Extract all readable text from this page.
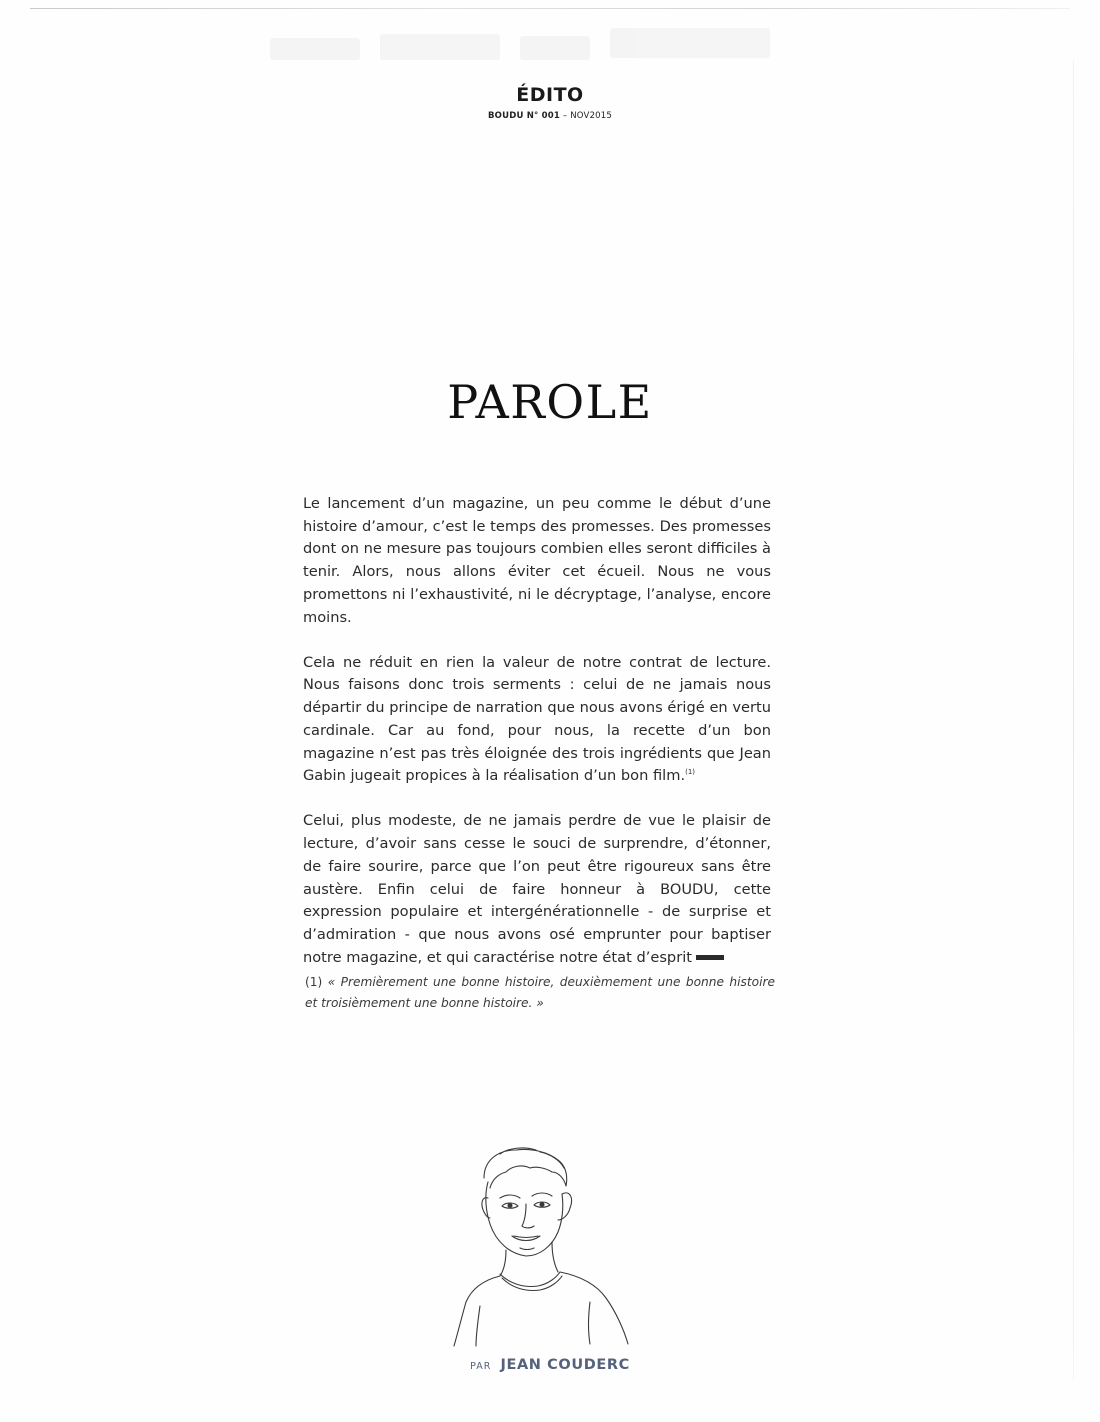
ÉDITO
BOUDU N° 001 – NOV2015
PAROLE

Le lancement d’un magazine, un peu comme le début d’une histoire d’amour, c’est le temps des promesses. Des promesses dont on ne mesure pas toujours combien elles seront difficiles à tenir. Alors, nous allons éviter cet écueil. Nous ne vous promettons ni l’exhaustivité, ni le décryptage, l’analyse, encore moins.

Cela ne réduit en rien la valeur de notre contrat de lecture. Nous faisons donc trois serments : celui de ne jamais nous départir du principe de narration que nous avons érigé en vertu cardinale. Car au fond, pour nous, la recette d’un bon magazine n’est pas très éloignée des trois ingrédients que Jean Gabin jugeait propices à la réalisation d’un bon film.$^{(1)}$

Celui, plus modeste, de ne jamais perdre de vue le plaisir de lecture, d’avoir sans cesse le souci de surprendre, d’étonner, de faire sourire, parce que l’on peut être rigoureux sans être austère. Enfin celui de faire honneur à BOUDU, cette expression populaire et intergénérationnelle - de surprise et d’admiration - que nous avons osé emprunter pour baptiser notre magazine, et qui caractérise notre état d’esprit

(1) « Premièrement une bonne histoire, deuxièmement une bonne histoire et troisièmement une bonne histoire. »
PAR JEAN COUDERC
